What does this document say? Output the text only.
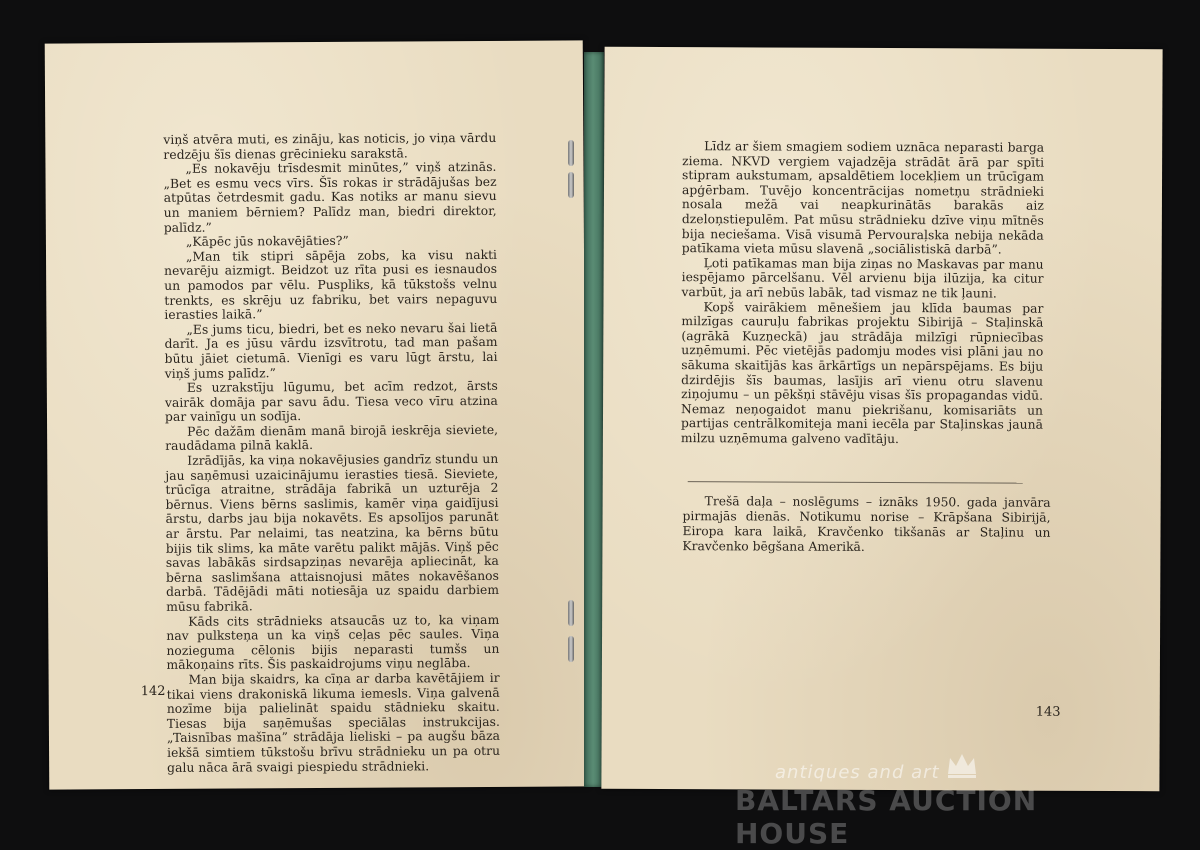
viņš atvēra muti, es zināju, kas noticis, jo viņa vārdu redzēju šīs dienas grēcinieku sarakstā.

„Es nokavēju trīsdesmit minūtes,” viņš atzinās. „Bet es esmu vecs vīrs. Šīs rokas ir strādājušas bez atpūtas četrdesmit gadu. Kas notiks ar manu sievu un maniem bērniem? Palīdz man, biedri direktor, palīdz.”

„Kāpēc jūs nokavējāties?”

„Man tik stipri sāpēja zobs, ka visu nakti nevarēju aizmigt. Beidzot uz rīta pusi es iesnaudos un pamodos par vēlu. Puspliks, kā tūkstošs velnu trenkts, es skrēju uz fabriku, bet vairs nepaguvu ierasties laikā.”

„Es jums ticu, biedri, bet es neko nevaru šai lietā darīt. Ja es jūsu vārdu izsvītrotu, tad man pašam būtu jāiet cietumā. Vienīgi es varu lūgt ārstu, lai viņš jums palīdz.”

Es uzrakstīju lūgumu, bet acīm redzot, ārsts vairāk domāja par savu ādu. Tiesa veco vīru atzina par vainīgu un sodīja.

Pēc dažām dienām manā birojā ieskrēja sieviete, raudādama pilnā kaklā.

Izrādījās, ka viņa nokavējusies gandrīz stundu un jau saņēmusi uzaicinājumu ierasties tiesā. Sieviete, trūcīga atraitne, strādāja fabrikā un uzturēja 2 bērnus. Viens bērns saslimis, kamēr viņa gaidījusi ārstu, darbs jau bija nokavēts. Es apsolījos parunāt ar ārstu. Par nelaimi, tas neatzina, ka bērns būtu bijis tik slims, ka māte varētu palikt mājās. Viņš pēc savas labākās sirdsapziņas nevarēja apliecināt, ka bērna saslimšana attaisnojusi mātes nokavēšanos darbā. Tādējādi māti notiesāja uz spaidu darbiem mūsu fabrikā.

Kāds cits strādnieks atsaucās uz to, ka viņam nav pulksteņa un ka viņš ceļas pēc saules. Viņa nozieguma cēlonis bijis neparasti tumšs un mākoņains rīts. Šis paskaidrojums viņu neglāba.

Man bija skaidrs, ka cīņa ar darba kavētājiem ir tikai viens drakoniskā likuma iemesls. Viņa galvenā nozīme bija palielināt spaidu stādnieku skaitu. Tiesas bija saņēmušas speciālas instrukcijas. „Taisnības mašīna” strādāja lieliski – pa augšu bāza iekšā simtiem tūkstošu brīvu strādnieku un pa otru galu nāca ārā svaigi piespiedu strādnieki.

142

Līdz ar šiem smagiem sodiem uznāca neparasti barga ziema. NKVD vergiem vajadzēja strādāt ārā par spīti stipram aukstumam, apsaldētiem locekļiem un trūcīgam apģērbam. Tuvējo koncentrācijas nometņu strādnieki nosala mežā vai neapkurinātās barakās aiz dzeloņstiepulēm. Pat mūsu strādnieku dzīve viņu mītnēs bija neciešama. Visā visumā Pervouraļska nebija nekāda patīkama vieta mūsu slavenā „sociālistiskā darbā”.

Ļoti patīkamas man bija ziņas no Maskavas par manu iespējamo pārcelšanu. Vēl arvienu bija ilūzija, ka citur varbūt, ja arī nebūs labāk, tad vismaz ne tik ļauni.

Kopš vairākiem mēnešiem jau klīda baumas par milzīgas cauruļu fabrikas projektu Sibirijā – Staļinskā (agrākā Kuzņeckā) jau strādāja milzīgi rūpniecības uzņēmumi. Pēc vietējās padomju modes visi plāni jau no sākuma skaitījās kas ārkārtīgs un nepārspējams. Es biju dzirdējis šīs baumas, lasījis arī vienu otru slavenu ziņojumu – un pēkšņi stāvēju visas šīs propagandas vidū. Nemaz neņogaidot manu piekrišanu, komisariāts un partijas centrālkomiteja mani iecēla par Staļinskas jaunā milzu uzņēmuma galveno vadītāju.

Trešā daļa – noslēgums – iznāks 1950. gada janvāra pirmajās dienās. Notikumu norise – Krāpšana Sibirijā, Eiropa kara laikā, Kravčenko tikšanās ar Staļinu un Kravčenko bēgšana Amerikā.

143
antiques and art
BALTARS AUCTION HOUSE
